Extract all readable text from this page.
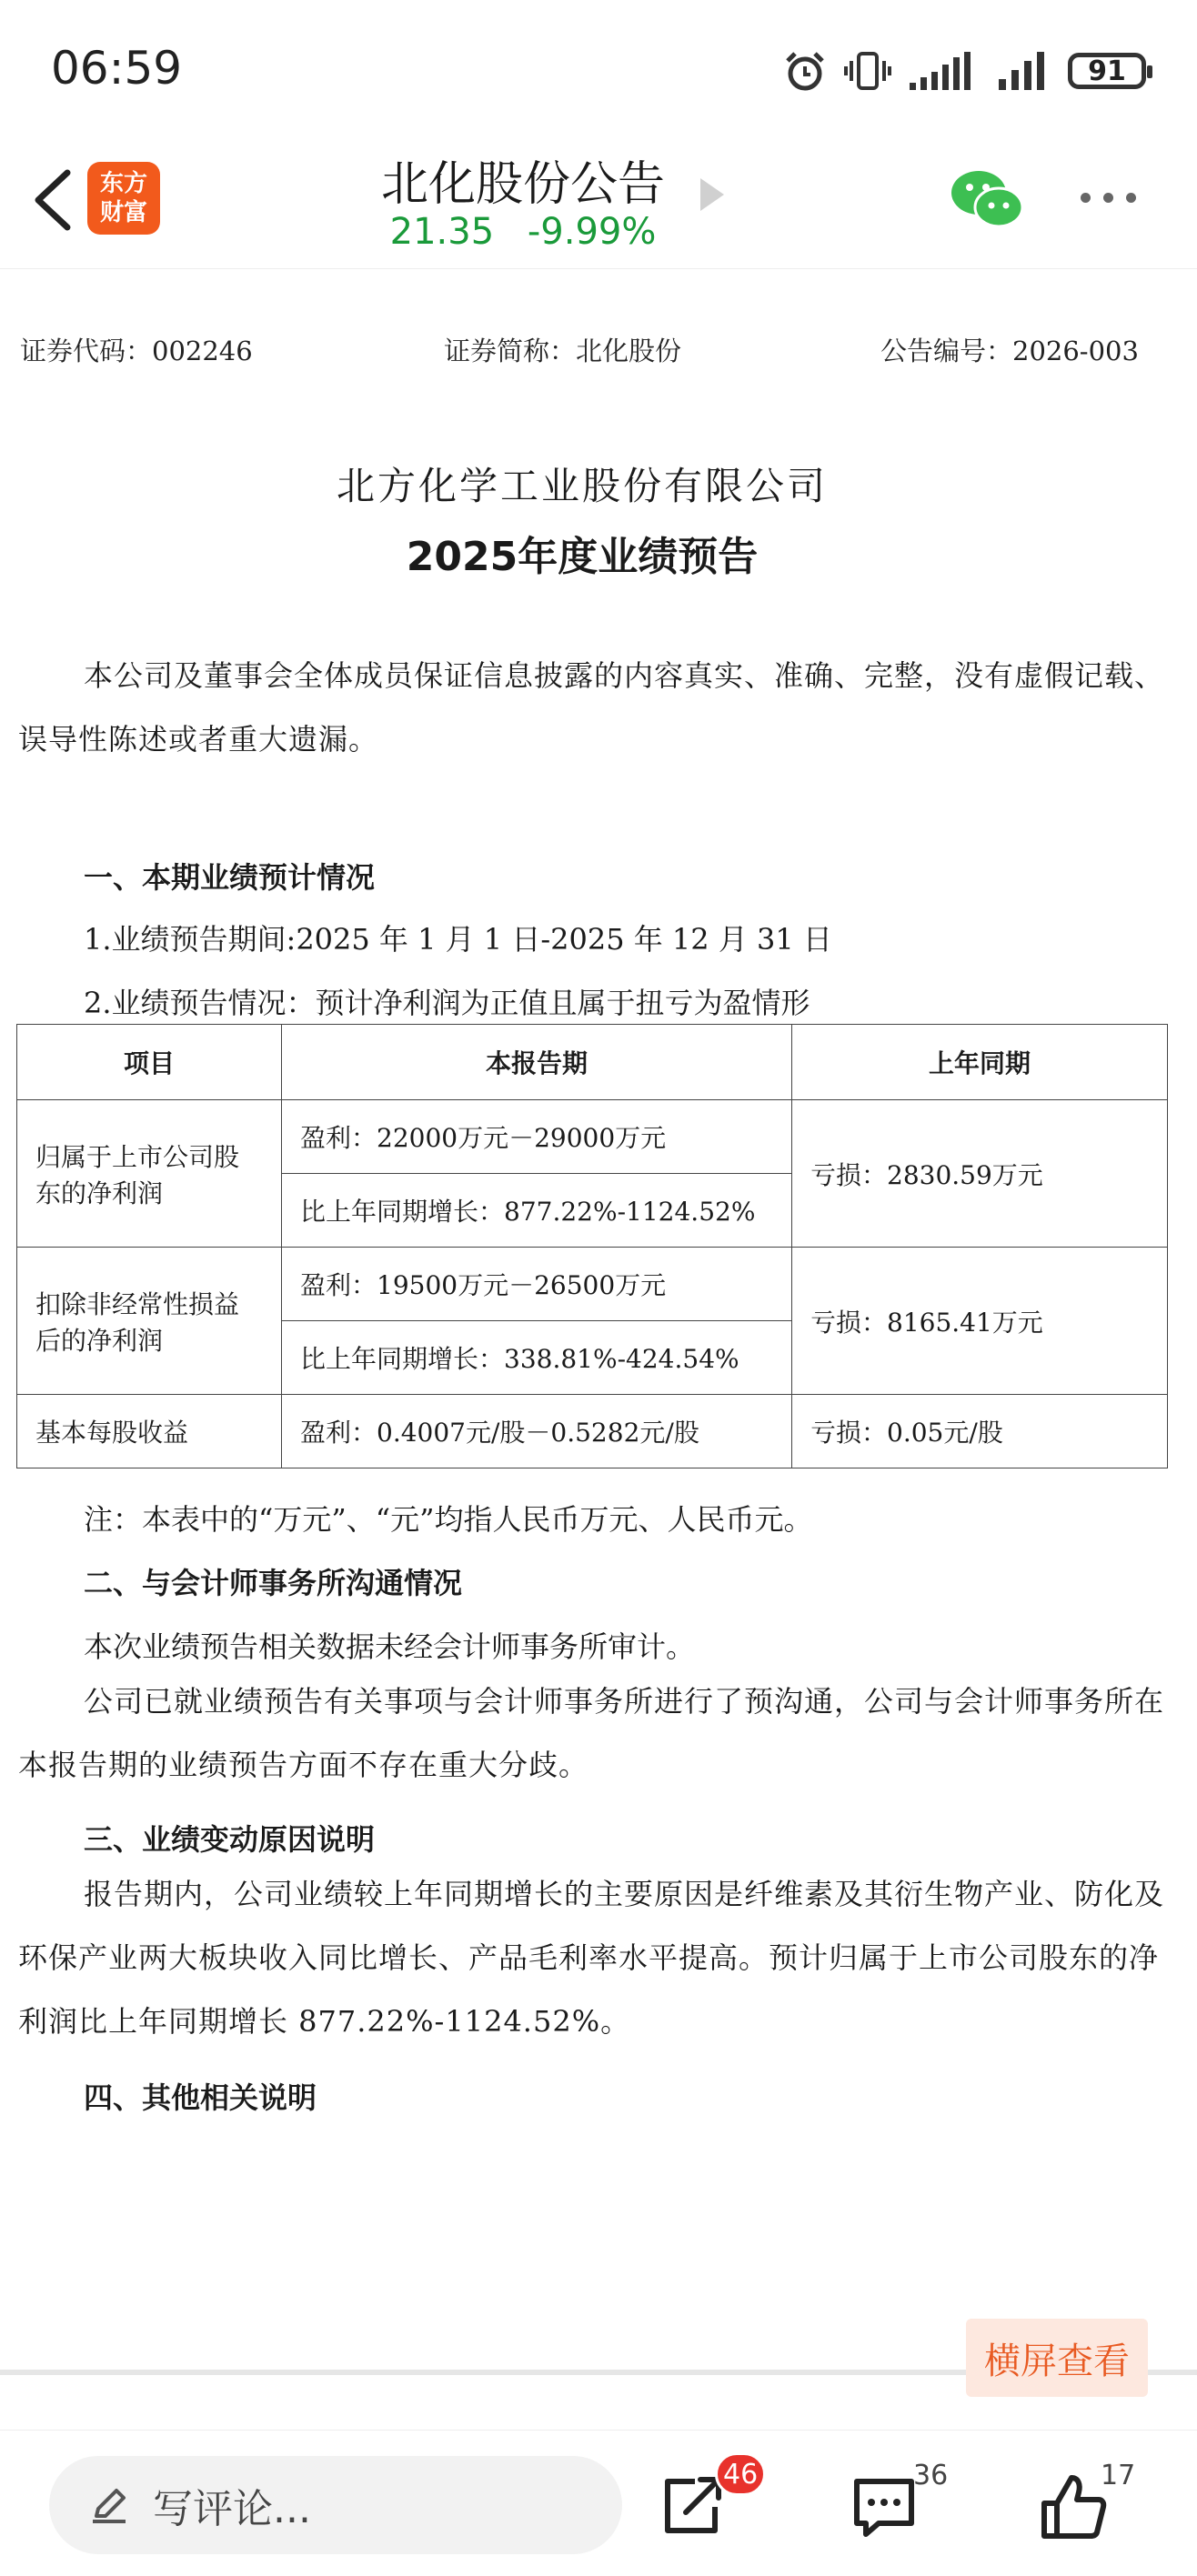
06:59	91
东方
财富
北化股份公告
21.35 -9.99%
证券代码：002246	证券简称：北化股份	公告编号：2026-003
北方化学工业股份有限公司
2025年度业绩预告
本公司及董事会全体成员保证信息披露的内容真实、准确、完整，没有虚假记载、误导性陈述或者重大遗漏。
一、本期业绩预计情况
1.业绩预告期间:2025 年 1 月 1 日-2025 年 12 月 31 日
2.业绩预告情况：预计净利润为正值且属于扭亏为盈情形
项目	本报告期	上年同期
归属于上市公司股东的净利润	盈利：22000万元－29000万元	亏损：2830.59万元
	比上年同期增长：877.22%-1124.52%	
扣除非经常性损益后的净利润	盈利：19500万元－26500万元	亏损：8165.41万元
	比上年同期增长：338.81%-424.54%	
基本每股收益	盈利：0.4007元/股－0.5282元/股	亏损：0.05元/股
注：本表中的“万元”、“元”均指人民币万元、人民币元。
二、与会计师事务所沟通情况
本次业绩预告相关数据未经会计师事务所审计。
公司已就业绩预告有关事项与会计师事务所进行了预沟通，公司与会计师事务所在本报告期的业绩预告方面不存在重大分歧。
三、业绩变动原因说明
报告期内，公司业绩较上年同期增长的主要原因是纤维素及其衍生物产业、防化及环保产业两大板块收入同比增长、产品毛利率水平提高。预计归属于上市公司股东的净利润比上年同期增长 877.22%-1124.52%。
四、其他相关说明
横屏查看
写评论...
46	36	17
